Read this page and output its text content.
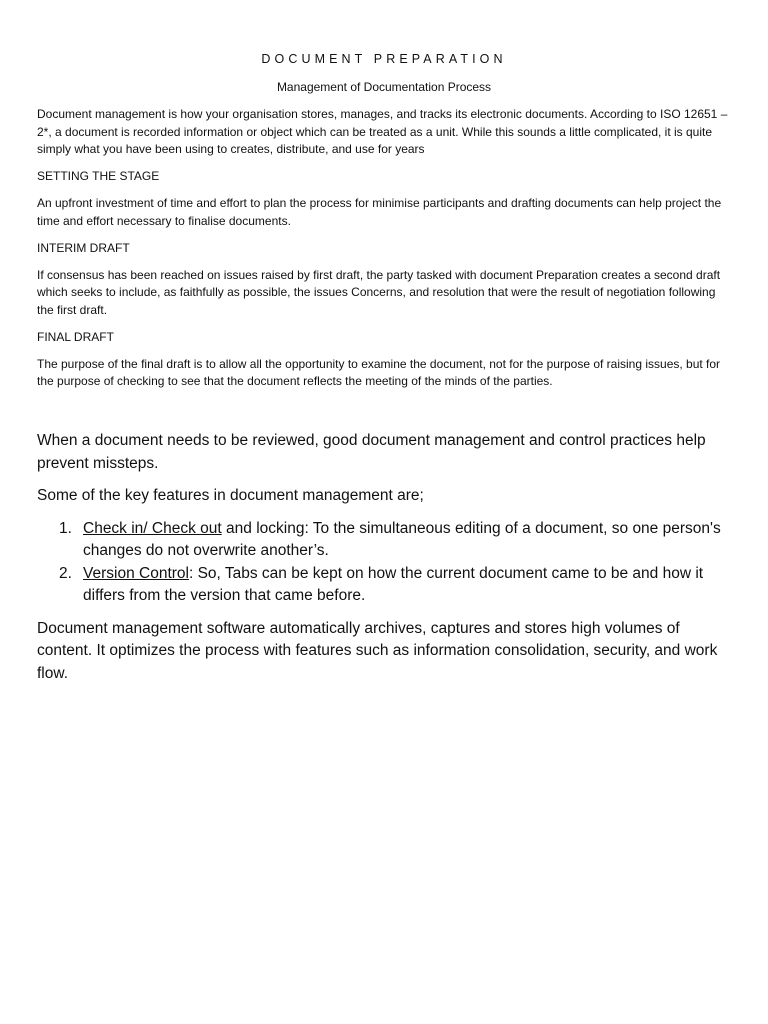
DOCUMENT PREPARATION
Management of Documentation Process

Document management is how your organisation stores, manages, and tracks its electronic documents. According to ISO 12651 – 2*, a document is recorded information or object which can be treated as a unit. While this sounds a little complicated, it is quite simply what you have been using to creates, distribute, and use for years

SETTING THE STAGE

An upfront investment of time and effort to plan the process for minimise participants and drafting documents can help project the time and effort necessary to finalise documents.

INTERIM DRAFT

If consensus has been reached on issues raised by first draft, the party tasked with document Preparation creates a second draft which seeks to include, as faithfully as possible, the issues Concerns, and resolution that were the result of negotiation following the first draft.

FINAL DRAFT

The purpose of the final draft is to allow all the opportunity to examine the document, not for the purpose of raising issues, but for the purpose of checking to see that the document reflects the meeting of the minds of the parties.

When a document needs to be reviewed, good document management and control practices help prevent missteps.

Some of the key features in document management are;

1. Check in/ Check out and locking: To the simultaneous editing of a document, so one person's changes do not overwrite another’s.
2. Version Control: So, Tabs can be kept on how the current document came to be and how it differs from the version that came before.

Document management software automatically archives, captures and stores high volumes of content. It optimizes the process with features such as information consolidation, security, and work flow.
